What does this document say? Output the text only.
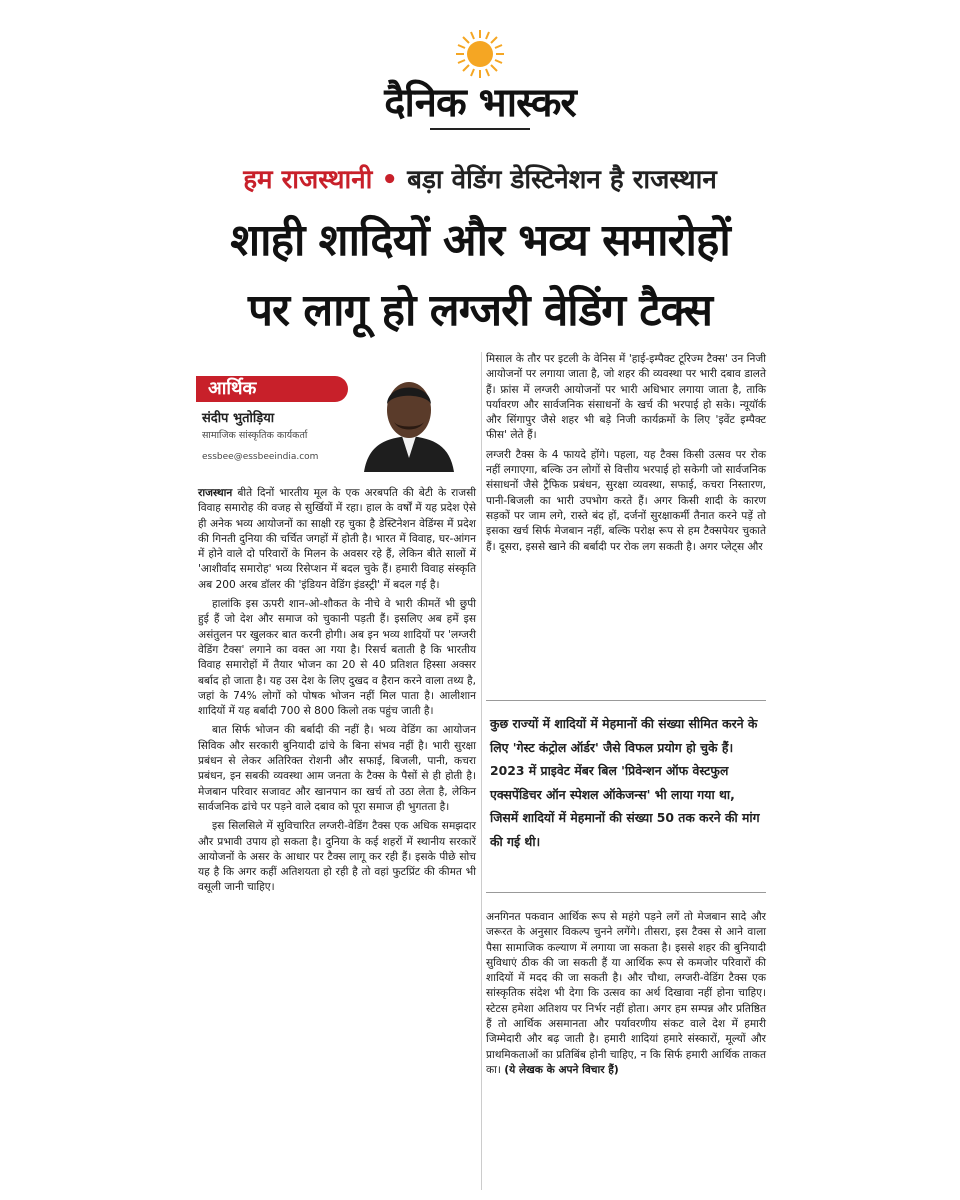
दैनिक भास्कर
हम राजस्थानी • बड़ा वेडिंग डेस्टिनेशन है राजस्थान
शाही शादियों और भव्य समारोहों
पर लागू हो लग्जरी वेडिंग टैक्स
आर्थिक
संदीप भुतोड़िया
सामाजिक सांस्कृतिक कार्यकर्ता
essbee@essbeeindia.com

राजस्थान बीते दिनों भारतीय मूल के एक अरबपति की बेटी के राजसी विवाह समारोह की वजह से सुर्खियों में रहा। हाल के वर्षों में यह प्रदेश ऐसे ही अनेक भव्य आयोजनों का साक्षी रह चुका है डेस्टिनेशन वेडिंग्स में प्रदेश की गिनती दुनिया की चर्चित जगहों में होती है। भारत में विवाह, घर-आंगन में होने वाले दो परिवारों के मिलन के अवसर रहे हैं, लेकिन बीते सालों में 'आशीर्वाद समारोह' भव्य रिसेप्शन में बदल चुके हैं। हमारी विवाह संस्कृति अब 200 अरब डॉलर की 'इंडियन वेडिंग इंडस्ट्री' में बदल गई है।

हालांकि इस ऊपरी शान-ओ-शौकत के नीचे वे भारी कीमतें भी छुपी हुई हैं जो देश और समाज को चुकानी पड़ती हैं। इसलिए अब हमें इस असंतुलन पर खुलकर बात करनी होगी। अब इन भव्य शादियों पर 'लग्जरी वेडिंग टैक्स' लगाने का वक्त आ गया है। रिसर्च बताती है कि भारतीय विवाह समारोहों में तैयार भोजन का 20 से 40 प्रतिशत हिस्सा अक्सर बर्बाद हो जाता है। यह उस देश के लिए दुखद व हैरान करने वाला तथ्य है, जहां के 74% लोगों को पोषक भोजन नहीं मिल पाता है। आलीशान शादियों में यह बर्बादी 700 से 800 किलो तक पहुंच जाती है।

बात सिर्फ भोजन की बर्बादी की नहीं है। भव्य वेडिंग का आयोजन सिविक और सरकारी बुनियादी ढांचे के बिना संभव नहीं है। भारी सुरक्षा प्रबंधन से लेकर अतिरिक्त रोशनी और सफाई, बिजली, पानी, कचरा प्रबंधन, इन सबकी व्यवस्था आम जनता के टैक्स के पैसों से ही होती है। मेजबान परिवार सजावट और खानपान का खर्च तो उठा लेता है, लेकिन सार्वजनिक ढांचे पर पड़ने वाले दबाव को पूरा समाज ही भुगतता है।

इस सिलसिले में सुविचारित लग्जरी-वेडिंग टैक्स एक अधिक समझदार और प्रभावी उपाय हो सकता है। दुनिया के कई शहरों में स्थानीय सरकारें आयोजनों के असर के आधार पर टैक्स लागू कर रही हैं। इसके पीछे सोच यह है कि अगर कहीं अतिशयता हो रही है तो वहां फुटप्रिंट की कीमत भी वसूली जानी चाहिए।

मिसाल के तौर पर इटली के वेनिस में 'हाई-इम्पैक्ट टूरिज्म टैक्स' उन निजी आयोजनों पर लगाया जाता है, जो शहर की व्यवस्था पर भारी दबाव डालते हैं। फ्रांस में लग्जरी आयोजनों पर भारी अधिभार लगाया जाता है, ताकि पर्यावरण और सार्वजनिक संसाधनों के खर्च की भरपाई हो सके। न्यूयॉर्क और सिंगापुर जैसे शहर भी बड़े निजी कार्यक्रमों के लिए 'इवेंट इम्पैक्ट फीस' लेते हैं।

लग्जरी टैक्स के 4 फायदे होंगे। पहला, यह टैक्स किसी उत्सव पर रोक नहीं लगाएगा, बल्कि उन लोगों से वित्तीय भरपाई हो सकेगी जो सार्वजनिक संसाधनों जैसे ट्रैफिक प्रबंधन, सुरक्षा व्यवस्था, सफाई, कचरा निस्तारण, पानी-बिजली का भारी उपभोग करते हैं। अगर किसी शादी के कारण सड़कों पर जाम लगे, रास्ते बंद हों, दर्जनों सुरक्षाकर्मी तैनात करने पड़ें तो इसका खर्च सिर्फ मेजबान नहीं, बल्कि परोक्ष रूप से हम टैक्सपेयर चुकाते हैं। दूसरा, इससे खाने की बर्बादी पर रोक लग सकती है। अगर प्लेट्स और

कुछ राज्यों में शादियों में मेहमानों की संख्या सीमित करने के लिए 'गेस्ट कंट्रोल ऑर्डर' जैसे विफल प्रयोग हो चुके हैं। 2023 में प्राइवेट मेंबर बिल 'प्रिवेन्शन ऑफ वेस्टफुल एक्सपेंडिचर ऑन स्पेशल ऑकेजन्स' भी लाया गया था, जिसमें शादियों में मेहमानों की संख्या 50 तक करने की मांग की गई थी।

अनगिनत पकवान आर्थिक रूप से महंगे पड़ने लगें तो मेजबान सादे और जरूरत के अनुसार विकल्प चुनने लगेंगे। तीसरा, इस टैक्स से आने वाला पैसा सामाजिक कल्याण में लगाया जा सकता है। इससे शहर की बुनियादी सुविधाएं ठीक की जा सकती हैं या आर्थिक रूप से कमजोर परिवारों की शादियों में मदद की जा सकती है। और चौथा, लग्जरी-वेडिंग टैक्स एक सांस्कृतिक संदेश भी देगा कि उत्सव का अर्थ दिखावा नहीं होना चाहिए। स्टेटस हमेशा अतिशय पर निर्भर नहीं होता। अगर हम सम्पन्न और प्रतिष्ठित हैं तो आर्थिक असमानता और पर्यावरणीय संकट वाले देश में हमारी जिम्मेदारी और बढ़ जाती है। हमारी शादियां हमारे संस्कारों, मूल्यों और प्राथमिकताओं का प्रतिबिंब होनी चाहिए, न कि सिर्फ हमारी आर्थिक ताकत का। (ये लेखक के अपने विचार हैं)
